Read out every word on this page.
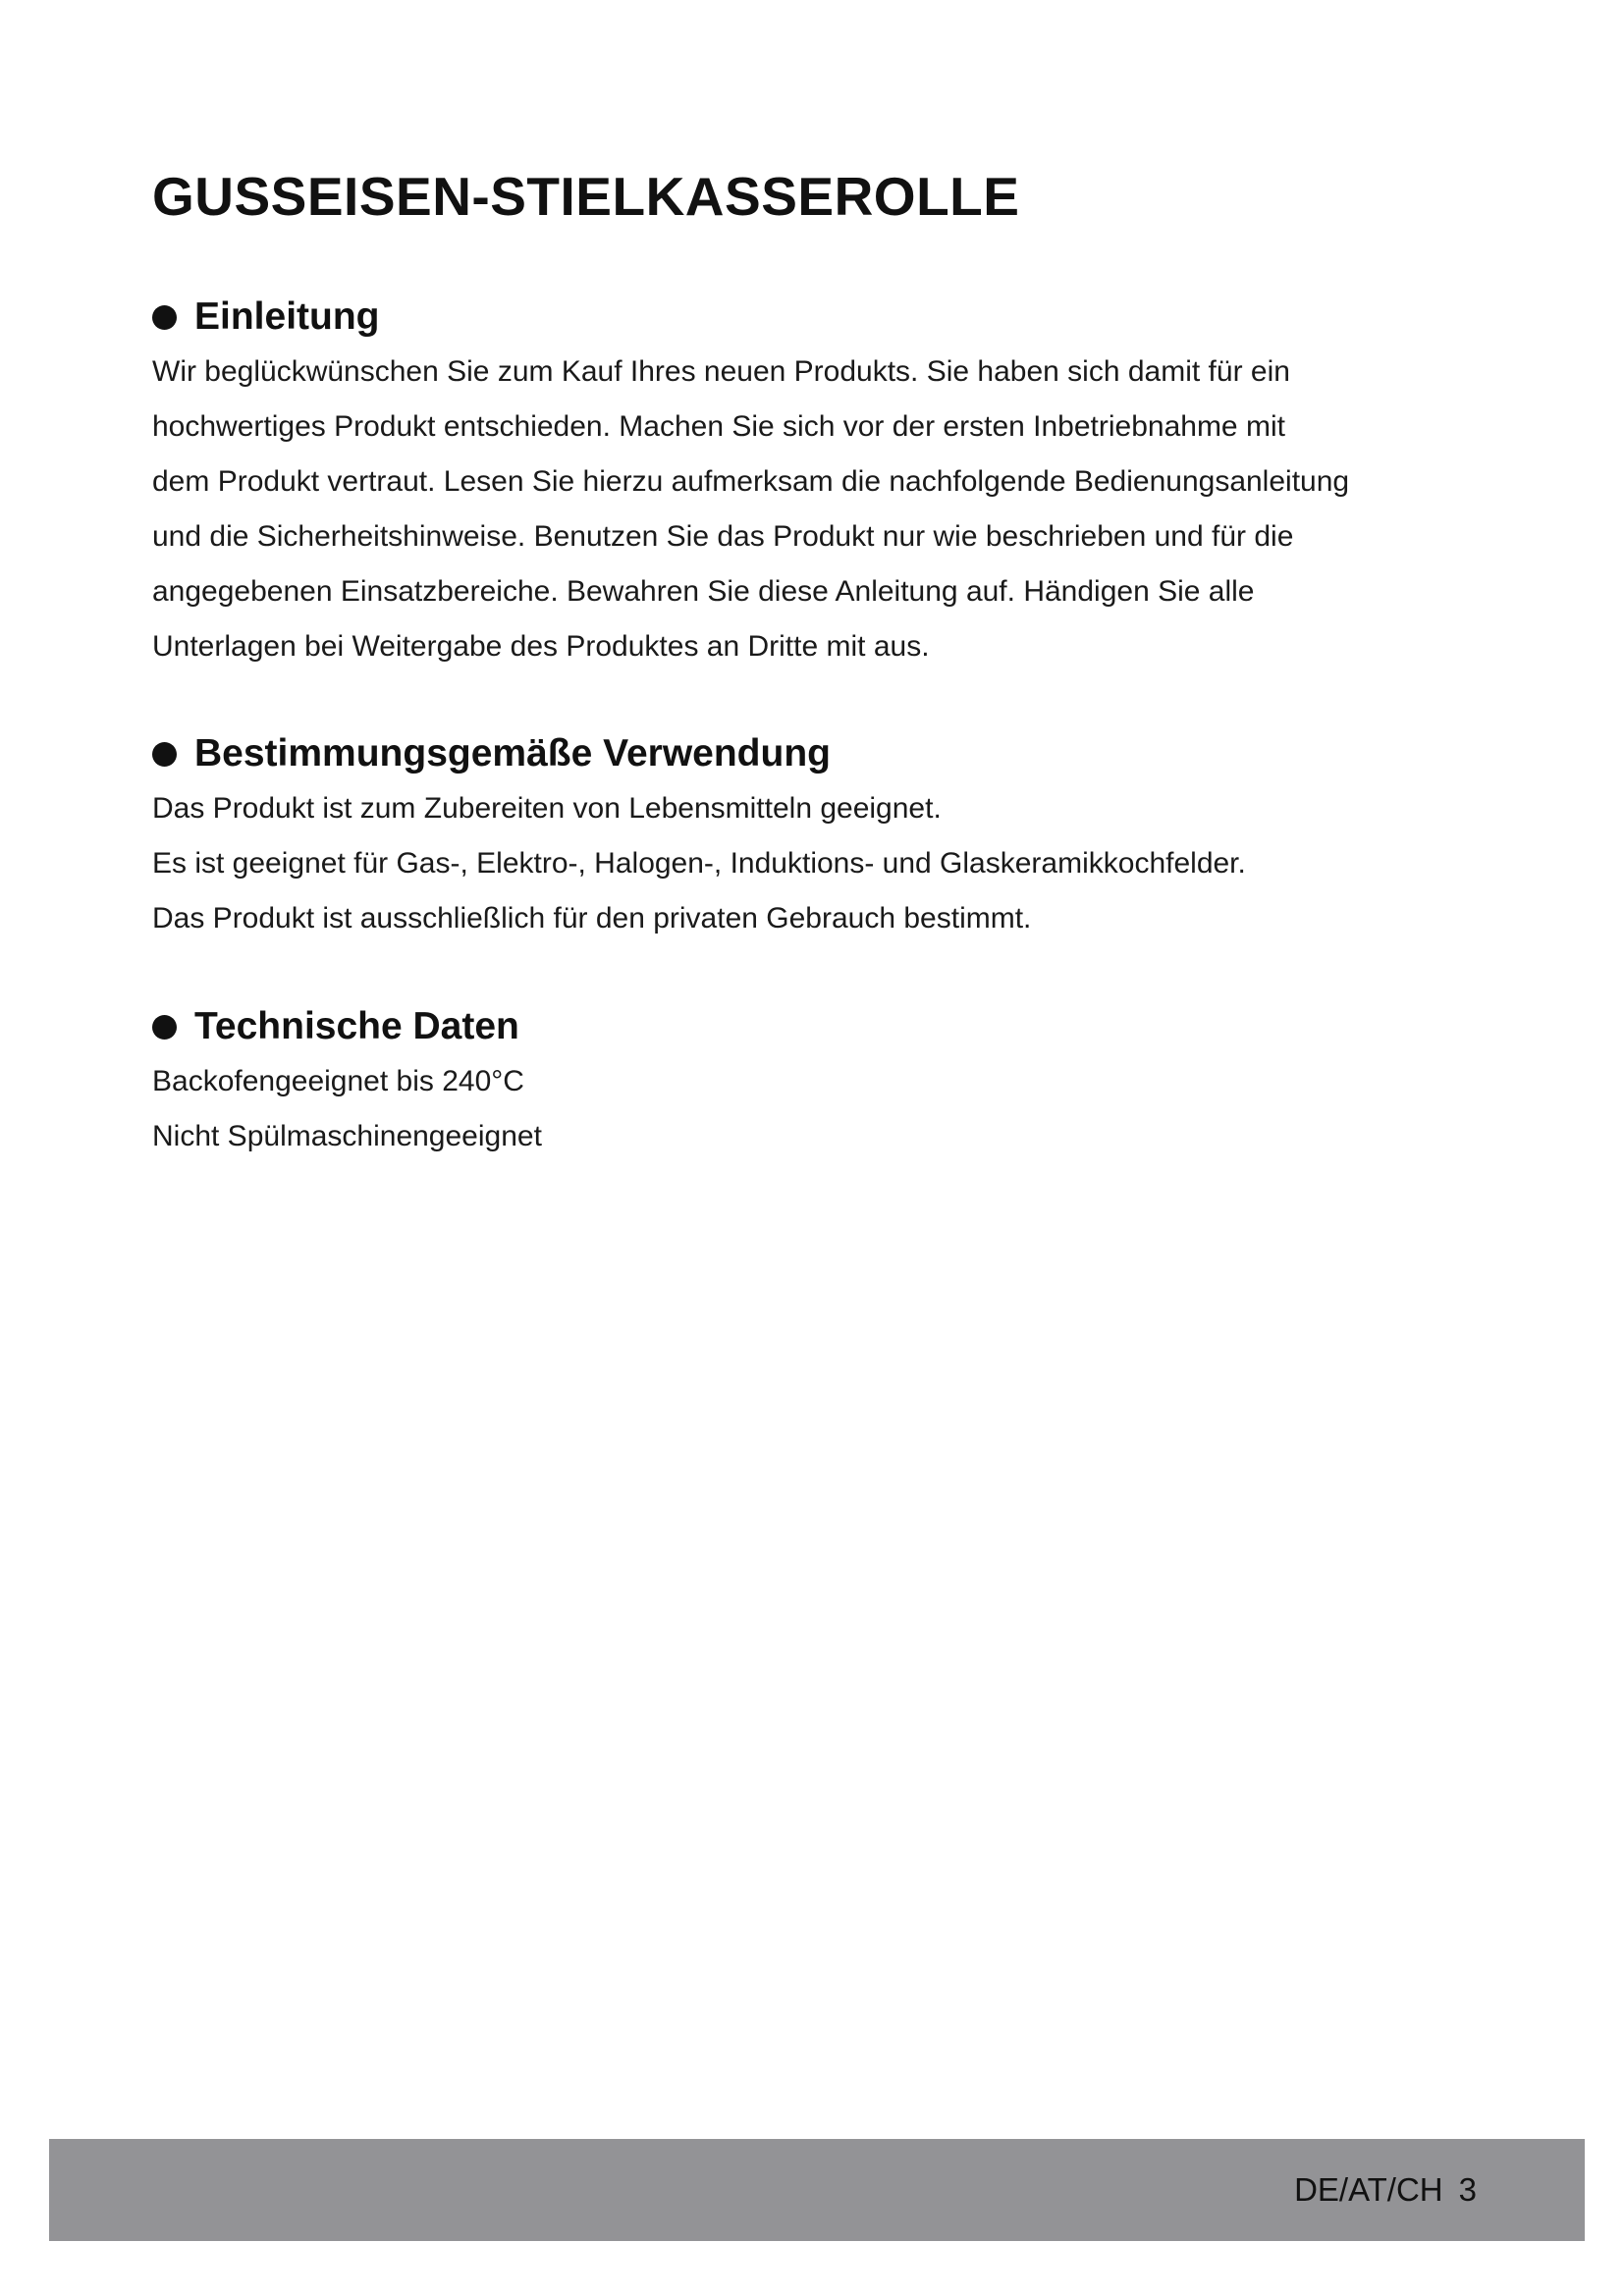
GUSSEISEN-STIELKASSEROLLE
Einleitung
Wir beglückwünschen Sie zum Kauf Ihres neuen Produkts. Sie haben sich damit für ein
hochwertiges Produkt entschieden. Machen Sie sich vor der ersten Inbetriebnahme mit
dem Produkt vertraut. Lesen Sie hierzu aufmerksam die nachfolgende Bedienungsanleitung
und die Sicherheitshinweise. Benutzen Sie das Produkt nur wie beschrieben und für die
angegebenen Einsatzbereiche. Bewahren Sie diese Anleitung auf. Händigen Sie alle
Unterlagen bei Weitergabe des Produktes an Dritte mit aus.
Bestimmungsgemäße Verwendung
Das Produkt ist zum Zubereiten von Lebensmitteln geeignet.
Es ist geeignet für Gas-, Elektro-, Halogen-, Induktions- und Glaskeramikkochfelder.
Das Produkt ist ausschließlich für den privaten Gebrauch bestimmt.
Technische Daten
Backofengeeignet bis 240°C
Nicht Spülmaschinengeeignet
DE/AT/CH 3
